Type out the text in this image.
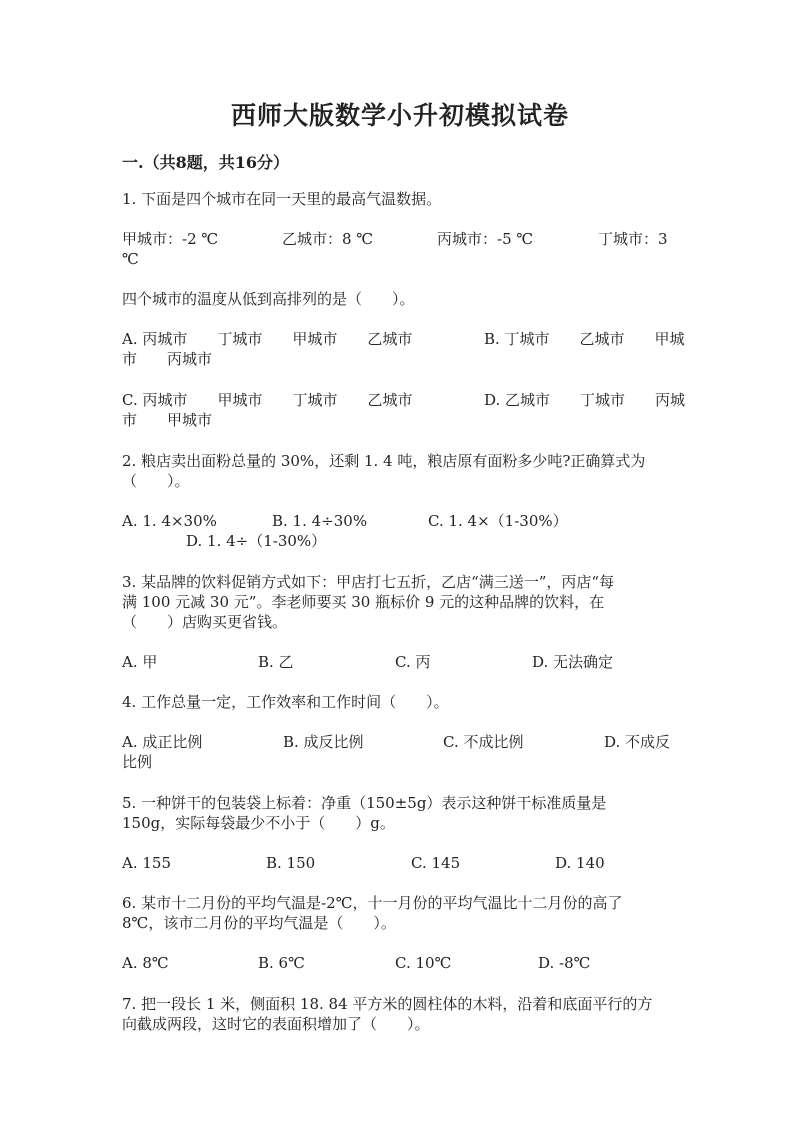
西师大版数学小升初模拟试卷
一.（共8题，共16分）
1. 下面是四个城市在同一天里的最高气温数据。
甲城市：-2 ℃	乙城市：8 ℃	丙城市：-5 ℃	丁城市：3
℃
四个城市的温度从低到高排列的是（　　）。
A. 丙城市　　丁城市　　甲城市　　乙城市	B. 丁城市　　乙城市　　甲城
市　　丙城市
C. 丙城市　　甲城市　　丁城市　　乙城市	D. 乙城市　　丁城市　　丙城
市　　甲城市
2. 粮店卖出面粉总量的 30%，还剩 1. 4 吨，粮店原有面粉多少吨?正确算式为
（　　）。
A. 1. 4×30%	B. 1. 4÷30%	C. 1. 4×（1-30%）
D. 1. 4÷（1-30%）
3. 某品牌的饮料促销方式如下：甲店打七五折，乙店“满三送一”，丙店“每
满 100 元减 30 元”。李老师要买 30 瓶标价 9 元的这种品牌的饮料，在
（　　）店购买更省钱。
A. 甲	B. 乙	C. 丙	D. 无法确定
4. 工作总量一定，工作效率和工作时间（　　）。
A. 成正比例	B. 成反比例	C. 不成比例	D. 不成反
比例
5. 一种饼干的包装袋上标着：净重（150±5g）表示这种饼干标准质量是
150g，实际每袋最少不小于（　　）g。
A. 155	B. 150	C. 145	D. 140
6. 某市十二月份的平均气温是-2℃，十一月份的平均气温比十二月份的高了
8℃，该市二月份的平均气温是（　　）。
A. 8℃	B. 6℃	C. 10℃	D. -8℃
7. 把一段长 1 米，侧面积 18. 84 平方米的圆柱体的木料，沿着和底面平行的方
向截成两段，这时它的表面积增加了（　　）。
